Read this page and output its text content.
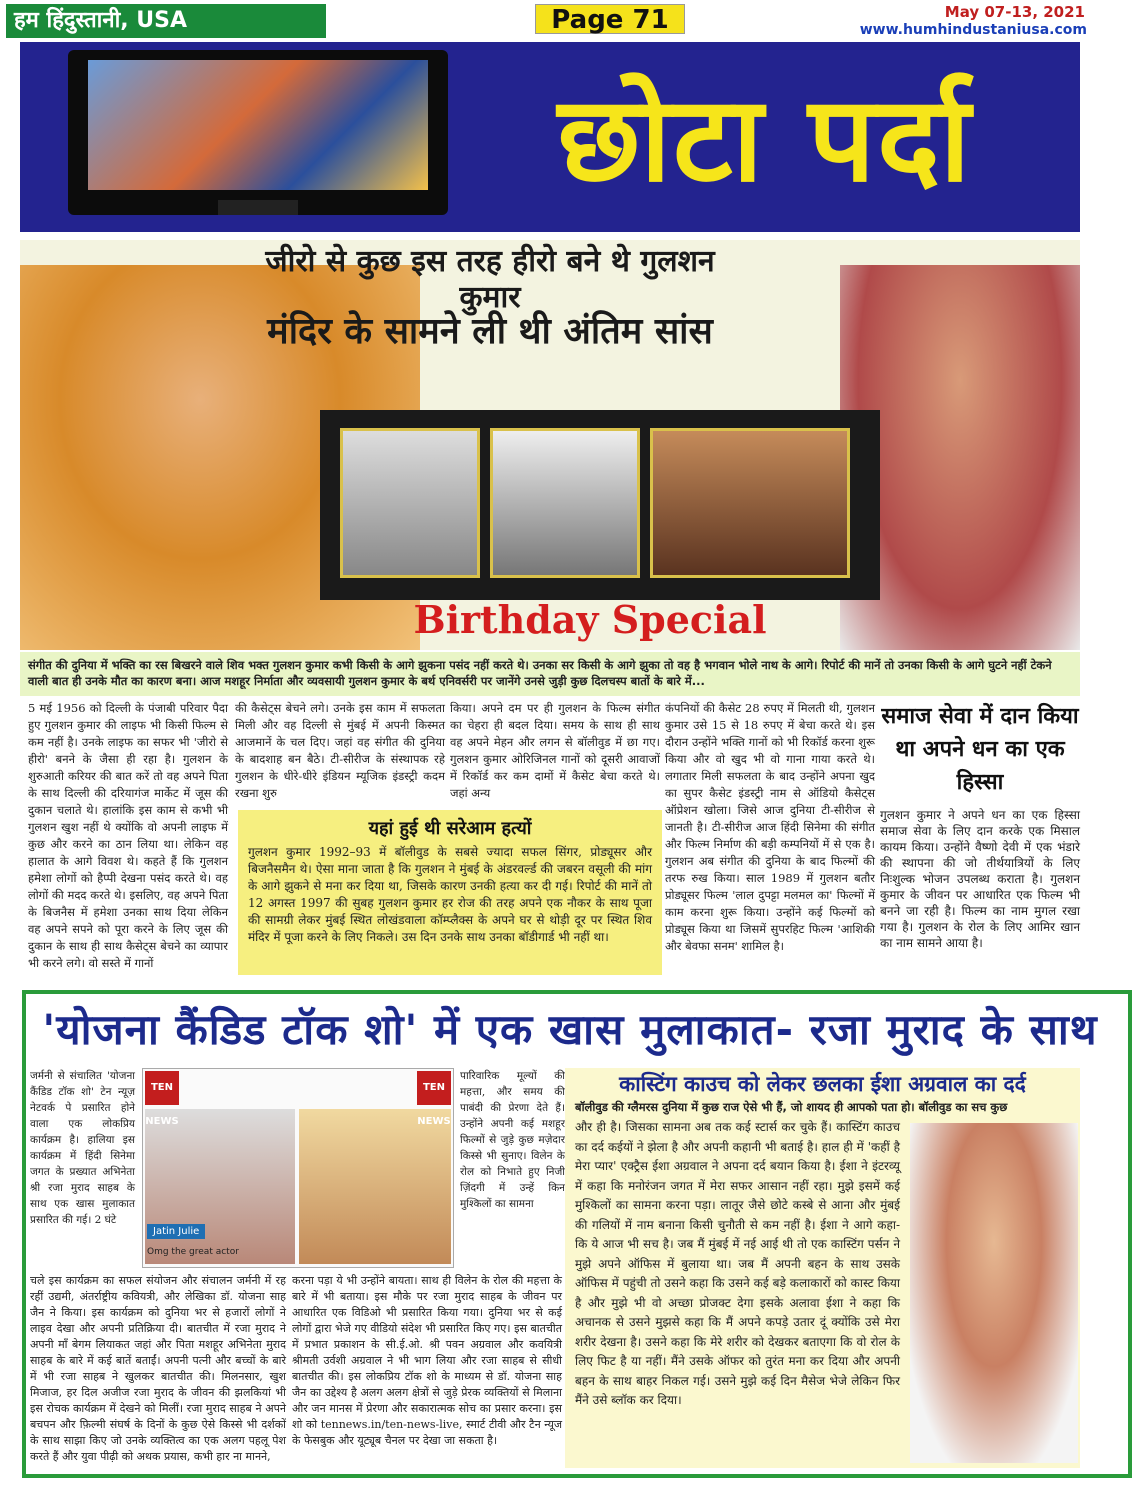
हम हिंदुस्तानी, USA	Page 71	May 07-13, 2021
www.humhindustaniusa.com
छोटा पर्दा
जीरो से कुछ इस तरह हीरो बने थे गुलशन कुमार
मंदिर के सामने ली थी अंतिम सांस
Birthday Special
संगीत की दुनिया में भक्ति का रस बिखरने वाले शिव भक्त गुलशन कुमार कभी किसी के आगे झुकना पसंद नहीं करते थे। उनका सर किसी के आगे झुका तो वह है भगवान भोले नाथ के आगे। रिपोर्ट की मानें तो उनका किसी के आगे घुटने नहीं टेकने वाली बात ही उनके मौत का कारण बना। आज मशहूर निर्माता और व्यवसायी गुलशन कुमार के बर्थ एनिवर्सरी पर जानेंगे उनसे जुड़ी कुछ दिलचस्प बातों के बारे में...
5 मई 1956 को दिल्ली के पंजाबी परिवार पैदा हुए गुलशन कुमार की लाइफ भी किसी फिल्म से कम नहीं है। उनके लाइफ का सफर भी 'जीरो से हीरो' बनने के जैसा ही रहा है। गुलशन के शुरुआती करियर की बात करें तो वह अपने पिता के साथ दिल्ली की दरियागंज मार्केट में जूस की दुकान चलाते थे। हालांकि इस काम से कभी भी गुलशन खुश नहीं थे क्योंकि वो अपनी लाइफ में कुछ और करने का ठान लिया था। लेकिन वह हालात के आगे विवश थे। कहते हैं कि गुलशन हमेशा लोगों को हैप्पी देखना पसंद करते थे। वह लोगों की मदद करते थे। इसलिए, वह अपने पिता के बिजनैस में हमेशा उनका साथ दिया लेकिन वह अपने सपने को पूरा करने के लिए जूस की दुकान के साथ ही साथ कैसेट्स बेचने का व्यापार भी करने लगे। वो सस्ते में गानों
की कैसेट्स बेचने लगे। उनके इस काम में सफलता मिली और वह दिल्ली से मुंबई में अपनी किस्मत आजमानें के चल दिए। जहां वह संगीत की दुनिया के बादशाह बन बैठे। टी-सीरीज के संस्थापक रहे गुलशन के धीरे-धीरे इंडियन म्यूजिक इंडस्ट्री कदम रखना शुरु
किया। अपने दम पर ही गुलशन के फिल्म संगीत का चेहरा ही बदल दिया। समय के साथ ही साथ वह अपने मेहन और लगन से बॉलीवुड में छा गए। गुलशन कुमार ओरिजिनल गानों को दूसरी आवाजों में रिकॉर्ड कर कम दामों में कैसेट बेचा करते थे। जहां अन्य
कंपनियों की कैसेट 28 रुपए में मिलती थी, गुलशन कुमार उसे 15 से 18 रुपए में बेचा करते थे। इस दौरान उन्होंने भक्ति गानों को भी रिकॉर्ड करना शुरू किया और वो खुद भी वो गाना गाया करते थे। लगातार मिली सफलता के बाद उन्होंने अपना खुद का सुपर कैसेट इंडस्ट्री नाम से ऑडियो कैसेट्स ऑप्रेशन खोला। जिसे आज दुनिया टी-सीरीज से जानती है। टी-सीरीज आज हिंदी सिनेमा की संगीत और फिल्म निर्माण की बड़ी कम्पनियों में से एक है। गुलशन अब संगीत की दुनिया के बाद फिल्मों की तरफ रुख किया। साल 1989 में गुलशन बतौर प्रोड्यूसर फिल्म 'लाल दुपट्टा मलमल का' फिल्मों में काम करना शुरू किया। उन्होंने कई फिल्मों को प्रोड्यूस किया था जिसमें सुपरहिट फिल्म 'आशिकी और बेवफा सनम' शामिल है।
यहां हुई थी सरेआम हत्यों
गुलशन कुमार 1992–93 में बॉलीवुड के सबसे ज्यादा सफल सिंगर, प्रोड्यूसर और बिजनैसमैन थे। ऐसा माना जाता है कि गुलशन ने मुंबई के अंडरवर्ल्ड की जबरन वसूली की मांग के आगे झुकने से मना कर दिया था, जिसके कारण उनकी हत्या कर दी गई। रिपोर्ट की मानें तो 12 अगस्त 1997 की सुबह गुलशन कुमार हर रोज की तरह अपने एक नौकर के साथ पूजा की सामग्री लेकर मुंबई स्थित लोखंडवाला कॉम्प्लैक्स के अपने घर से थोड़ी दूर पर स्थित शिव मंदिर में पूजा करने के लिए निकले। उस दिन उनके साथ उनका बॉडीगार्ड भी नहीं था।
समाज सेवा में दान किया था अपने धन का एक हिस्सा
गुलशन कुमार ने अपने धन का एक हिस्सा समाज सेवा के लिए दान करके एक मिसाल कायम किया। उन्होंने वैष्णो देवी में एक भंडारे की स्थापना की जो तीर्थयात्रियों के लिए निःशुल्क भोजन उपलब्ध कराता है। गुलशन कुमार के जीवन पर आधारित एक फिल्म भी बनने जा रही है। फिल्म का नाम मुगल रखा गया है। गुलशन के रोल के लिए आमिर खान का नाम सामने आया है।
'योजना कैंडिड टॉक शो' में एक खास मुलाकात- रजा मुराद के साथ
जर्मनी से संचालित 'योजना कैंडिड टॉक शो' टेन न्यूज़ नेटवर्क पे प्रसारित होने वाला एक लोकप्रिय कार्यक्रम है। हालिया इस कार्यक्रम में हिंदी सिनेमा जगत के प्रख्यात अभिनेता श्री रजा मुराद साहब के साथ एक खास मुलाकात प्रसारित की गई। 2 घंटे
TEN NEWS
TEN NEWS
Jatin Julie
Omg the great actor
पारिवारिक मूल्यों की महत्ता, और समय की पाबंदी की प्रेरणा देते हैं। उन्होंने अपनी कई मशहूर फिल्मों से जुड़े कुछ मज़ेदार किस्से भी सुनाए। विलेन के रोल को निभाते हुए निजी ज़िंदगी में उन्हें किन मुश्किलों का सामना
चले इस कार्यक्रम का सफल संयोजन और संचालन जर्मनी में रह रहीं उद्यमी, अंतर्राष्ट्रीय कवियत्री, और लेखिका डॉ. योजना साह जैन ने किया। इस कार्यक्रम को दुनिया भर से हजारों लोगों ने लाइव देखा और अपनी प्रतिक्रिया दी। बातचीत में रजा मुराद ने अपनी माँ बेगम लियाकत जहां और पिता मशहूर अभिनेता मुराद साहब के बारे में कई बातें बताईं। अपनी पत्नी और बच्चों के बारे में भी रजा साहब ने खुलकर बातचीत की। मिलनसार, खुश मिजाज, हर दिल अजीज रजा मुराद के जीवन की झलकियां भी इस रोचक कार्यक्रम में देखने को मिलीं। रजा मुराद साहब ने अपने बचपन और फ़िल्मी संघर्ष के दिनों के कुछ ऐसे किस्से भी दर्शकों के साथ साझा किए जो उनके व्यक्तित्व का एक अलग पहलू पेश करते हैं और युवा पीढ़ी को अथक प्रयास, कभी हार ना मानने,
करना पड़ा ये भी उन्होंने बायता। साथ ही विलेन के रोल की महत्ता के बारे में भी बताया। इस मौके पर रजा मुराद साहब के जीवन पर आधारित एक विडिओ भी प्रसारित किया गया। दुनिया भर से कई लोगों द्वारा भेजे गए वीडियो संदेश भी प्रसारित किए गए। इस बातचीत में प्रभात प्रकाशन के सी.ई.ओ. श्री पवन अग्रवाल और कवयित्री श्रीमती उर्वशी अग्रवाल ने भी भाग लिया और रजा साहब से सीधी बातचीत की। इस लोकप्रिय टॉक शो के माध्यम से डॉ. योजना साह जैन का उद्देश्य है अलग अलग क्षेत्रों से जुड़े प्रेरक व्यक्तियों से मिलाना और जन मानस में प्रेरणा और सकारात्मक सोच का प्रसार करना। इस शो को tennews.in/ten-news-live, स्मार्ट टीवी और टैन न्यूज के फेसबुक और यूट्यूब चैनल पर देखा जा सकता है।
कास्टिंग काउच को लेकर छलका ईशा अग्रवाल का दर्द
बॉलीवुड की ग्लैमरस दुनिया में कुछ राज ऐसे भी हैं, जो शायद ही आपको पता हो। बॉलीवुड का सच कुछ
और ही है। जिसका सामना अब तक कई स्टार्स कर चुके हैं। कास्टिंग काउच का दर्द कईयों ने झेला है और अपनी कहानी भी बताई है। हाल ही में 'कहीं है मेरा प्यार' एक्ट्रैस ईशा अग्रवाल ने अपना दर्द बयान किया है। ईशा ने इंटरव्यू में कहा कि मनोरंजन जगत में मेरा सफर आसान नहीं रहा। मुझे इसमें कई मुश्किलों का सामना करना पड़ा। लातूर जैसे छोटे कस्बे से आना और मुंबई की गलियों में नाम बनाना किसी चुनौती से कम नहीं है। ईशा ने आगे कहा- कि ये आज भी सच है। जब मैं मुंबई में नई आई थी तो एक कास्टिंग पर्सन ने मुझे अपने ऑफिस में बुलाया था। जब मैं अपनी बहन के साथ उसके ऑफिस में पहुंची तो उसने कहा कि उसने कई बड़े कलाकारों को कास्ट किया है और मुझे भी वो अच्छा प्रोजक्ट देगा इसके अलावा ईशा ने कहा कि अचानक से उसने मुझसे कहा कि मैं अपने कपड़े उतार दूं क्योंकि उसे मेरा शरीर देखना है। उसने कहा कि मेरे शरीर को देखकर बताएगा कि वो रोल के लिए फिट है या नहीं। मैंने उसके ऑफर को तुरंत मना कर दिया और अपनी बहन के साथ बाहर निकल गई। उसने मुझे कई दिन मैसेज भेजे लेकिन फिर मैंने उसे ब्लॉक कर दिया।
